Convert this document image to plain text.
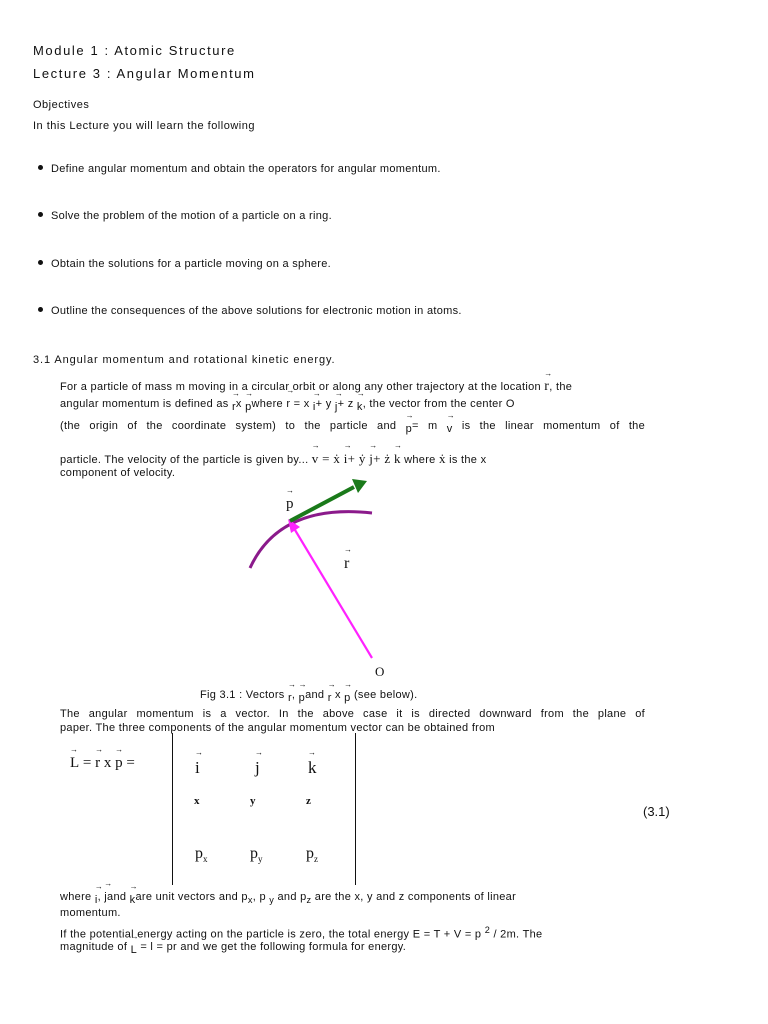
Module 1 : Atomic Structure
Lecture 3 : Angular Momentum
Objectives
In this Lecture you will learn the following
Define angular momentum and obtain the operators for angular momentum.
Solve the problem of the motion of a particle on a ring.
Obtain the solutions for a particle moving on a sphere.
Outline the consequences of the above solutions for electronic motion in atoms.
3.1 Angular momentum and rotational kinetic energy.
For a particle of mass m moving in a circular orbit or along any other trajectory at the location → r, the
angular momentum is defined as → rx → pwhere → r = x → i+ y → j+ z → k, the vector from the center O
(the origin of the coordinate system) to the particle and → p= m → v is the linear momentum of the
particle. The velocity of the particle is given by... → v = ẋ → i+ ẏ → j+ ż → k where ẋ is the x
component of velocity.
→ p
→ r
O
Fig 3.1 : Vectors → r, → pand → r x → p (see below).
The angular momentum is a vector. In the above case it is directed downward from the plane of
paper. The three components of the angular momentum vector can be obtained from
→ L = → r x → p =	→ i	→ j	→ k
x	y	z
$p_x$	$p_y$	$p_z$
(3.1)
where → i, → jand → kare unit vectors and $p_x$, p $_y$ and $p_z$ are the x, y and z components of linear
momentum.
If the potential energy acting on the particle is zero, the total energy E = T + V = p $^2$ / 2m. The
magnitude of → L = l = pr and we get the following formula for energy.
